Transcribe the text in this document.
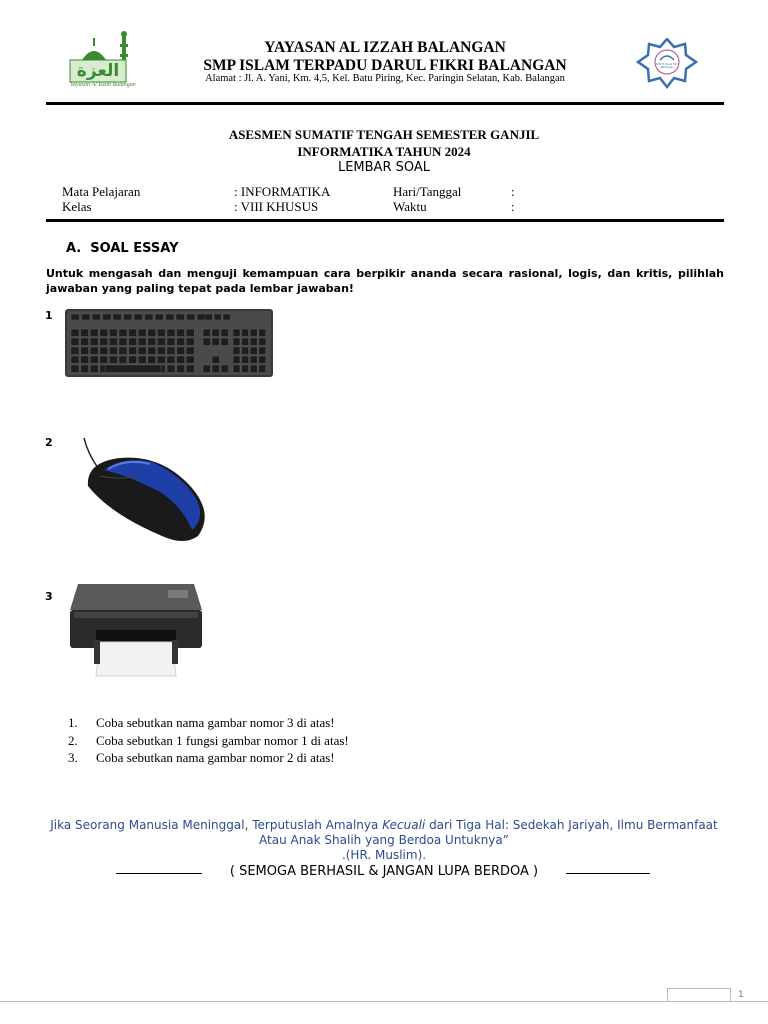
العزة
Yayasan Al Izzah Balangan
YAYASAN AL IZZAH BALANGAN
SMP ISLAM TERPADU DARUL FIKRI BALANGAN
Alamat : Jl. A. Yani, Km. 4,5, Kel. Batu Piring, Kec. Paringin Selatan, Kab. Balangan
SMP IT Darul Fikri Balangan
ASESMEN SUMATIF TENGAH SEMESTER GANJIL
INFORMATIKA TAHUN 2024
LEMBAR SOAL
Mata Pelajaran	: INFORMATIKA	Hari/Tanggal	:
Kelas	: VIII KHUSUS	Waktu	:
A.  SOAL ESSAY
Untuk mengasah dan menguji kemampuan cara berpikir ananda secara rasional, logis, dan kritis, pilihlah jawaban yang paling tepat pada lembar jawaban!
1
2
3
1.	Coba sebutkan nama gambar nomor 3 di atas!
2.	Coba sebutkan 1 fungsi gambar nomor 1 di atas!
3.	Coba sebutkan nama gambar nomor 2 di atas!
Jika Seorang Manusia Meninggal, Terputuslah Amalnya Kecuali dari Tiga Hal: Sedekah Jariyah, Ilmu Bermanfaat
Atau Anak Shalih yang Berdoa Untuknya”
.(HR. Muslim).
( SEMOGA BERHASIL & JANGAN LUPA BERDOA )
1
